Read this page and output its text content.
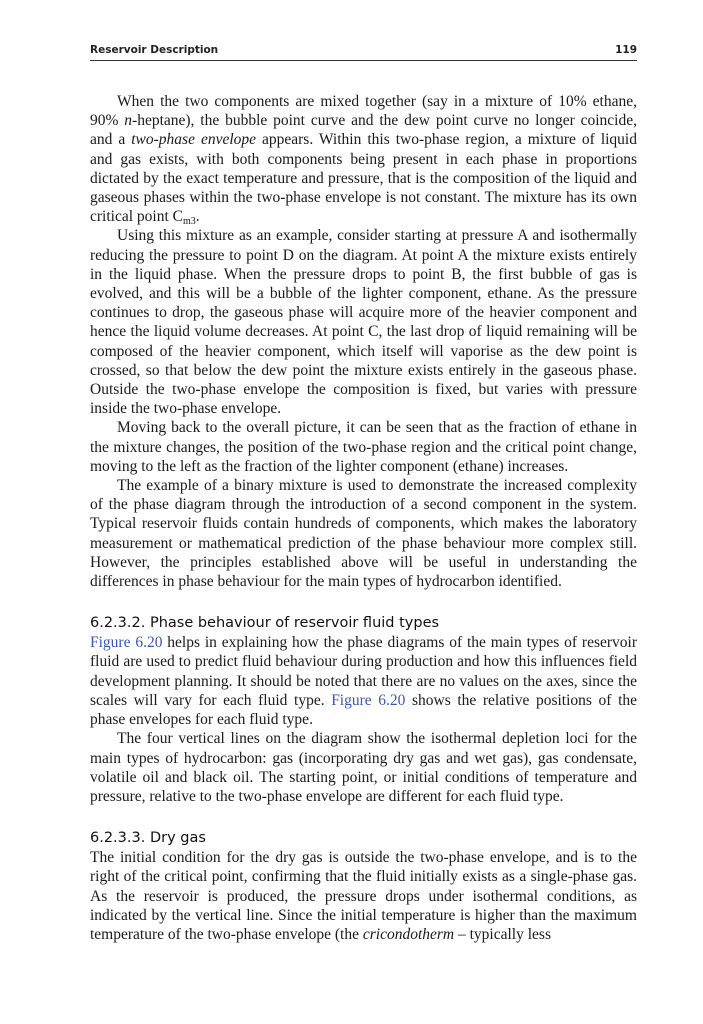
Reservoir Description	119

When the two components are mixed together (say in a mixture of 10% ethane, 90% n-heptane), the bubble point curve and the dew point curve no longer coincide, and a two-phase envelope appears. Within this two-phase region, a mixture of liquid and gas exists, with both components being present in each phase in proportions dictated by the exact temperature and pressure, that is the composition of the liquid and gaseous phases within the two-phase envelope is not constant. The mixture has its own critical point $C_{m3}$.

Using this mixture as an example, consider starting at pressure A and isothermally reducing the pressure to point D on the diagram. At point A the mixture exists entirely in the liquid phase. When the pressure drops to point B, the first bubble of gas is evolved, and this will be a bubble of the lighter component, ethane. As the pressure continues to drop, the gaseous phase will acquire more of the heavier component and hence the liquid volume decreases. At point C, the last drop of liquid remaining will be composed of the heavier component, which itself will vaporise as the dew point is crossed, so that below the dew point the mixture exists entirely in the gaseous phase. Outside the two-phase envelope the composition is fixed, but varies with pressure inside the two-phase envelope.

Moving back to the overall picture, it can be seen that as the fraction of ethane in the mixture changes, the position of the two-phase region and the critical point change, moving to the left as the fraction of the lighter component (ethane) increases.

The example of a binary mixture is used to demonstrate the increased complexity of the phase diagram through the introduction of a second component in the system. Typical reservoir fluids contain hundreds of components, which makes the laboratory measurement or mathematical prediction of the phase behaviour more complex still. However, the principles established above will be useful in understanding the differences in phase behaviour for the main types of hydrocarbon identified.

6.2.3.2. Phase behaviour of reservoir fluid types

Figure 6.20 helps in explaining how the phase diagrams of the main types of reservoir fluid are used to predict fluid behaviour during production and how this influences field development planning. It should be noted that there are no values on the axes, since the scales will vary for each fluid type. Figure 6.20 shows the relative positions of the phase envelopes for each fluid type.

The four vertical lines on the diagram show the isothermal depletion loci for the main types of hydrocarbon: gas (incorporating dry gas and wet gas), gas condensate, volatile oil and black oil. The starting point, or initial conditions of temperature and pressure, relative to the two-phase envelope are different for each fluid type.

6.2.3.3. Dry gas

The initial condition for the dry gas is outside the two-phase envelope, and is to the right of the critical point, confirming that the fluid initially exists as a single-phase gas. As the reservoir is produced, the pressure drops under isothermal conditions, as indicated by the vertical line. Since the initial temperature is higher than the maximum temperature of the two-phase envelope (the cricondotherm – typically less
